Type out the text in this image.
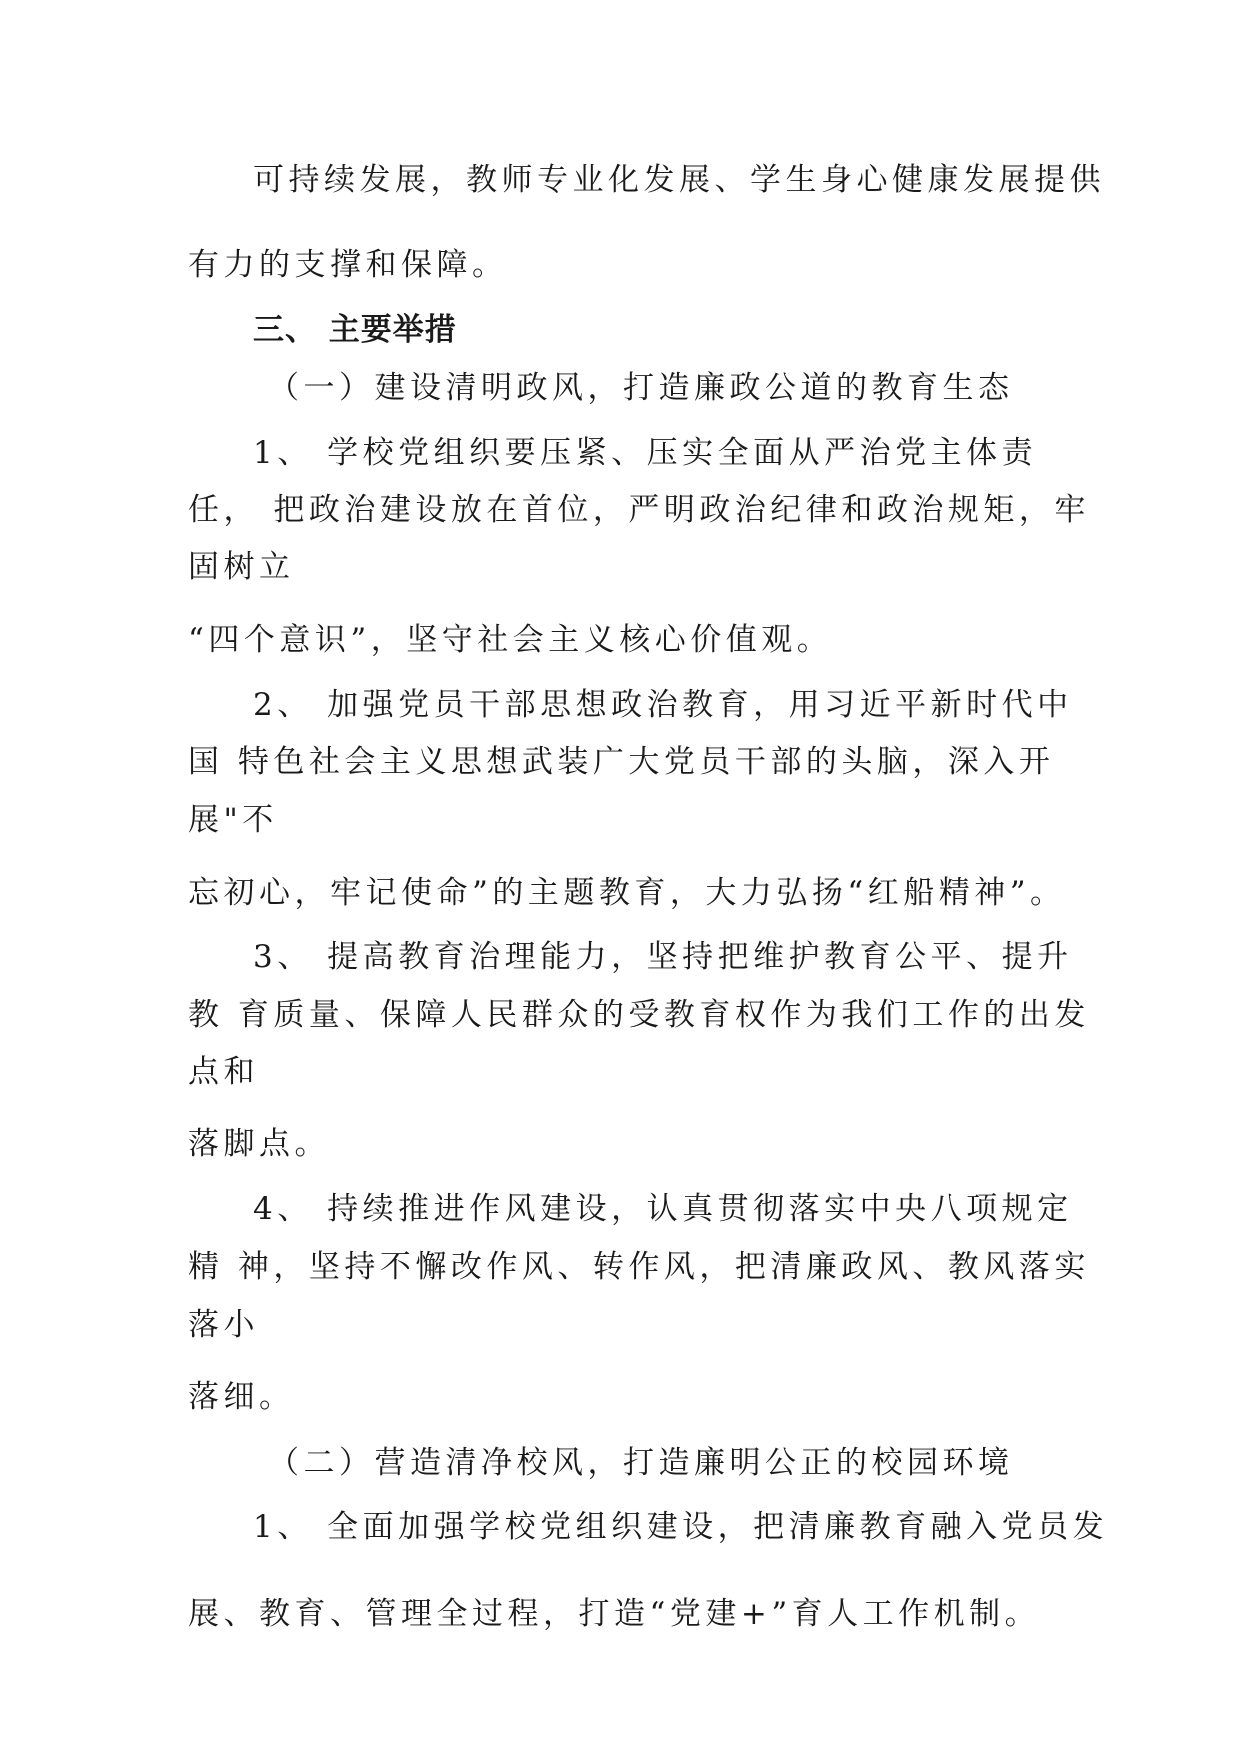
可持续发展，教师专业化发展、学生身心健康发展提供
有力的支撑和保障。
三、 主要举措
（一）建设清明政风，打造廉政公道的教育生态
1、 学校党组织要压紧、压实全面从严治党主体责
任， 把政治建设放在首位，严明政治纪律和政治规矩，牢
固树立
“四个意识”，坚守社会主义核心价值观。
2、 加强党员干部思想政治教育，用习近平新时代中
国 特色社会主义思想武装广大党员干部的头脑，深入开
展"不
忘初心，牢记使命”的主题教育，大力弘扬“红船精神”。
3、 提高教育治理能力，坚持把维护教育公平、提升
教 育质量、保障人民群众的受教育权作为我们工作的出发
点和
落脚点。
4、 持续推进作风建设，认真贯彻落实中央八项规定
精 神，坚持不懈改作风、转作风，把清廉政风、教风落实
落小
落细。
（二）营造清净校风，打造廉明公正的校园环境
1、 全面加强学校党组织建设，把清廉教育融入党员发
展、教育、管理全过程，打造“党建+”育人工作机制。
